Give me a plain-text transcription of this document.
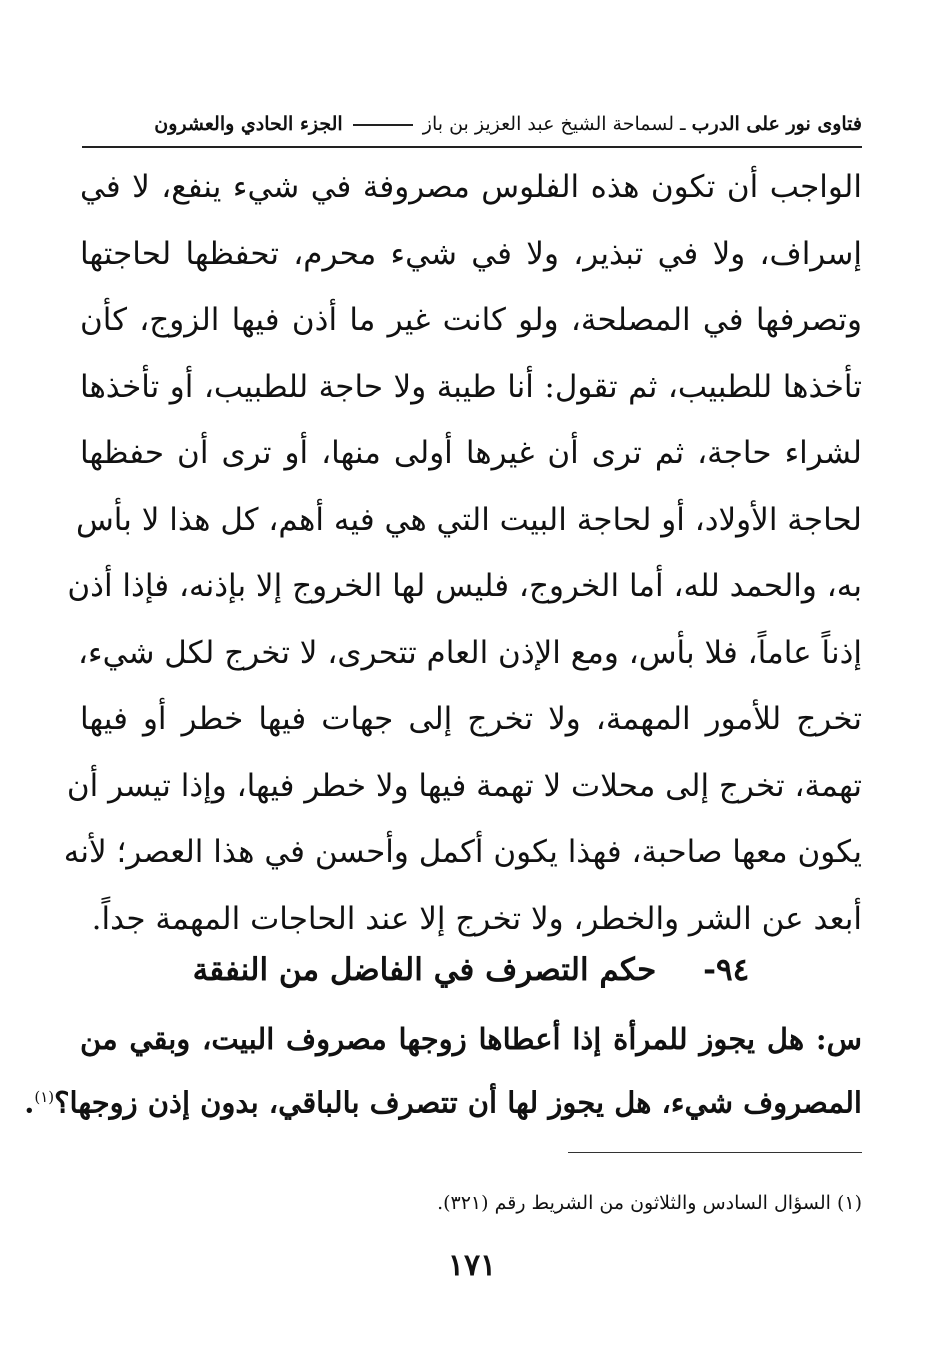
فتاوى نور على الدرب ـ لسماحة الشيخ عبد العزيز بن باز  الجزء الحادي والعشرون
الواجب أن تكون هذه الفلوس مصروفة في شيء ينفع، لا في
إسراف، ولا في تبذير، ولا في شيء محرم، تحفظها لحاجتها
وتصرفها في المصلحة، ولو كانت غير ما أذن فيها الزوج، كأن
تأخذها للطبيب، ثم تقول: أنا طيبة ولا حاجة للطبيب، أو تأخذها
لشراء حاجة، ثم ترى أن غيرها أولى منها، أو ترى أن حفظها
لحاجة الأولاد، أو لحاجة البيت التي هي فيه أهم، كل هذا لا بأس
به، والحمد لله، أما الخروج، فليس لها الخروج إلا بإذنه، فإذا أذن
إذناً عاماً، فلا بأس، ومع الإذن العام تتحرى، لا تخرج لكل شيء،
تخرج للأمور المهمة، ولا تخرج إلى جهات فيها خطر أو فيها
تهمة، تخرج إلى محلات لا تهمة فيها ولا خطر فيها، وإذا تيسر أن
يكون معها صاحبة، فهذا يكون أكمل وأحسن في هذا العصر؛ لأنه
أبعد عن الشر والخطر، ولا تخرج إلا عند الحاجات المهمة جداً.
٩٤- حكم التصرف في الفاضل من النفقة
س: هل يجوز للمرأة إذا أعطاها زوجها مصروف البيت، وبقي من
المصروف شيء، هل يجوز لها أن تتصرف بالباقي، بدون إذن زوجها؟$^{(١)}$.
(١) السؤال السادس والثلاثون من الشريط رقم (٣٢١).
١٧١
